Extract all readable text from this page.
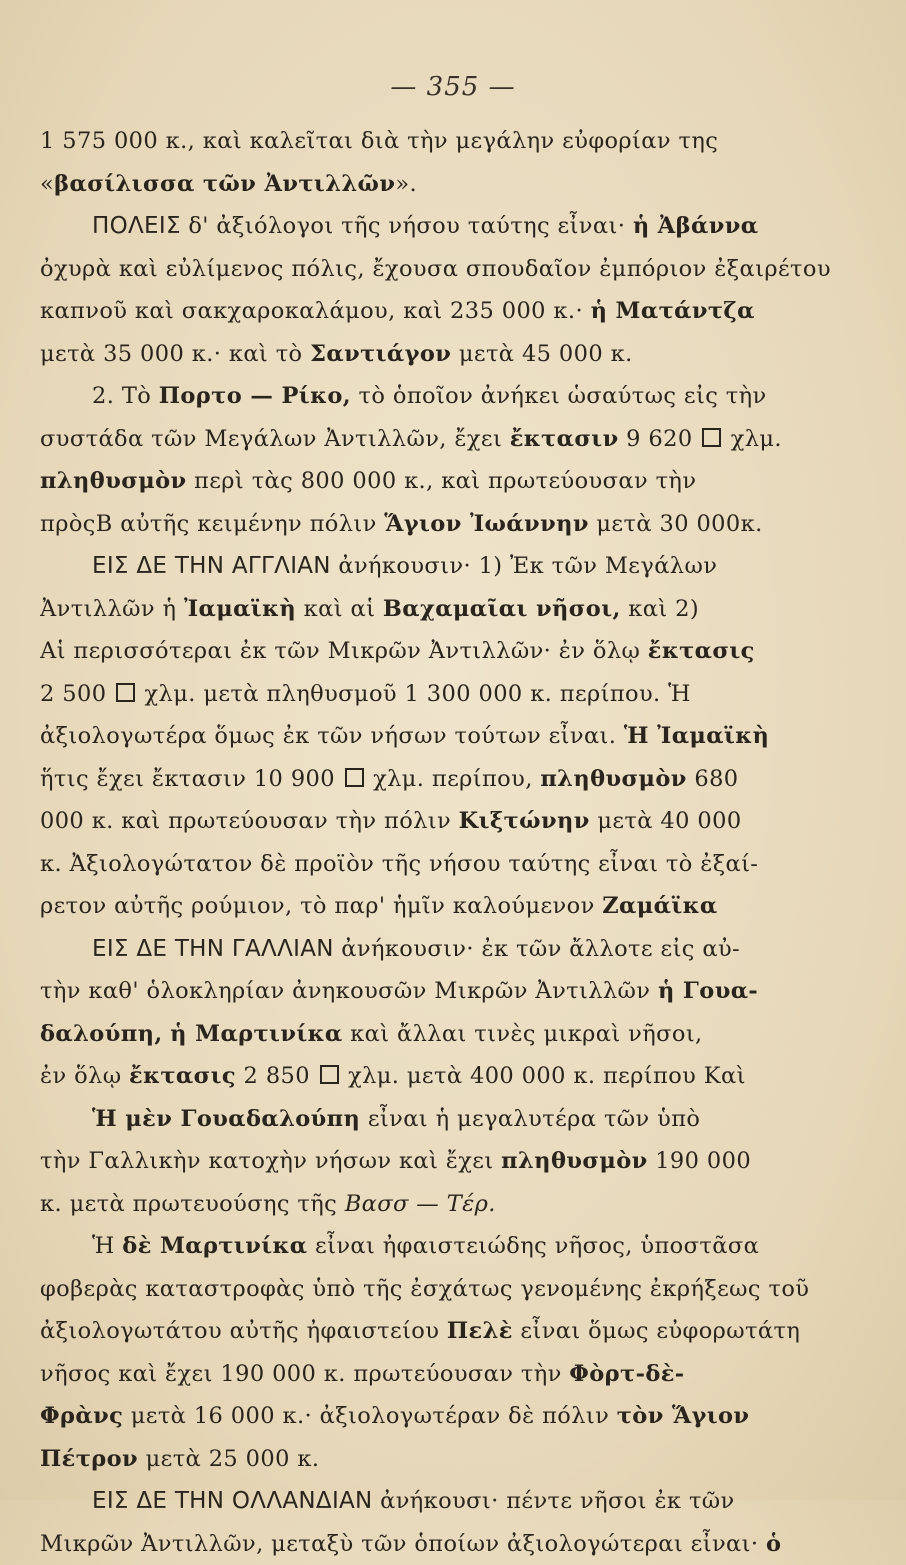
— 355 —
1 575 000 κ., καὶ καλεῖται διὰ τὴν μεγάλην εὐφορίαν της
«βασίλισσα τῶν Ἀντιλλῶν».
ΠΟΛΕΙΣ δ' ἀξιόλογοι τῆς νήσου ταύτης εἶναι· ἡ Ἀβάννα
ὀχυρὰ καὶ εὐλίμενος πόλις, ἔχουσα σπουδαῖον ἐμπόριον ἐξαιρέτου
καπνοῦ καὶ σακχαροκαλάμου, καὶ 235 000 κ.· ἡ Ματάντζα
μετὰ 35 000 κ.· καὶ τὸ Σαντιάγον μετὰ 45 000 κ.
2. Τὸ Πορτο — Ρίκο, τὸ ὁποῖον ἀνήκει ὡσαύτως εἰς τὴν
συστάδα τῶν Μεγάλων Ἀντιλλῶν, ἔχει ἔκτασιν 9 620  χλμ.
πληθυσμὸν περὶ τὰς 800 000 κ., καὶ πρωτεύουσαν τὴν
πρὸςΒ αὐτῆς κειμένην πόλιν Ἅγιον Ἰωάννην μετὰ 30 000κ.
ΕΙΣ ΔΕ ΤΗΝ ΑΓΓΛΙΑΝ ἀνήκουσιν· 1) Ἐκ τῶν Μεγάλων
Ἀντιλλῶν ἡ Ἰαμαϊκὴ καὶ αἱ Βαχαμαῖαι νῆσοι, καὶ 2)
Αἱ περισσότεραι ἐκ τῶν Μικρῶν Ἀντιλλῶν· ἐν ὅλῳ ἔκτασις
2 500  χλμ. μετὰ πληθυσμοῦ 1 300 000 κ. περίπου. Ἡ
ἀξιολογωτέρα ὅμως ἐκ τῶν νήσων τούτων εἶναι. Ἡ Ἰαμαϊκὴ
ἥτις ἔχει ἔκτασιν 10 900  χλμ. περίπου, πληθυσμὸν 680
000 κ. καὶ πρωτεύουσαν τὴν πόλιν Κιξτώνην μετὰ 40 000
κ. Ἀξιολογώτατον δὲ προϊὸν τῆς νήσου ταύτης εἶναι τὸ ἐξαί-
ρετον αὐτῆς ρούμιον, τὸ παρ' ἡμῖν καλούμενον Ζαμάϊκα
ΕΙΣ ΔΕ ΤΗΝ ΓΑΛΛΙΑΝ ἀνήκουσιν· ἐκ τῶν ἄλλοτε εἰς αὐ-
τὴν καθ' ὁλοκληρίαν ἀνηκουσῶν Μικρῶν Ἀντιλλῶν ἡ Γουα-
δαλούπη, ἡ Μαρτινίκα καὶ ἄλλαι τινὲς μικραὶ νῆσοι,
ἐν ὅλῳ ἔκτασις 2 850  χλμ. μετὰ 400 000 κ. περίπου Καὶ
Ἡ μὲν Γουαδαλούπη εἶναι ἡ μεγαλυτέρα τῶν ὑπὸ
τὴν Γαλλικὴν κατοχὴν νήσων καὶ ἔχει πληθυσμὸν 190 000
κ. μετὰ πρωτευούσης τῆς Βασσ — Τέρ.
Ἡ δὲ Μαρτινίκα εἶναι ἠφαιστειώδης νῆσος, ὑποστᾶσα
φοβερὰς καταστροφὰς ὑπὸ τῆς ἐσχάτως γενομένης ἐκρήξεως τοῦ
ἀξιολογωτάτου αὐτῆς ἠφαιστείου Πελὲ εἶναι ὅμως εὐφορωτάτη
νῆσος καὶ ἔχει 190 000 κ. πρωτεύουσαν τὴν Φὸρτ-δὲ-
Φρὰνς μετὰ 16 000 κ.· ἀξιολογωτέραν δὲ πόλιν τὸν Ἅγιον
Πέτρον μετὰ 25 000 κ.
ΕΙΣ ΔΕ ΤΗΝ ΟΛΛΑΝΔΙΑΝ ἀνήκουσι· πέντε νῆσοι ἐκ τῶν
Μικρῶν Ἀντιλλῶν, μεταξὺ τῶν ὁποίων ἀξιολογώτεραι εἶναι· ὁ
